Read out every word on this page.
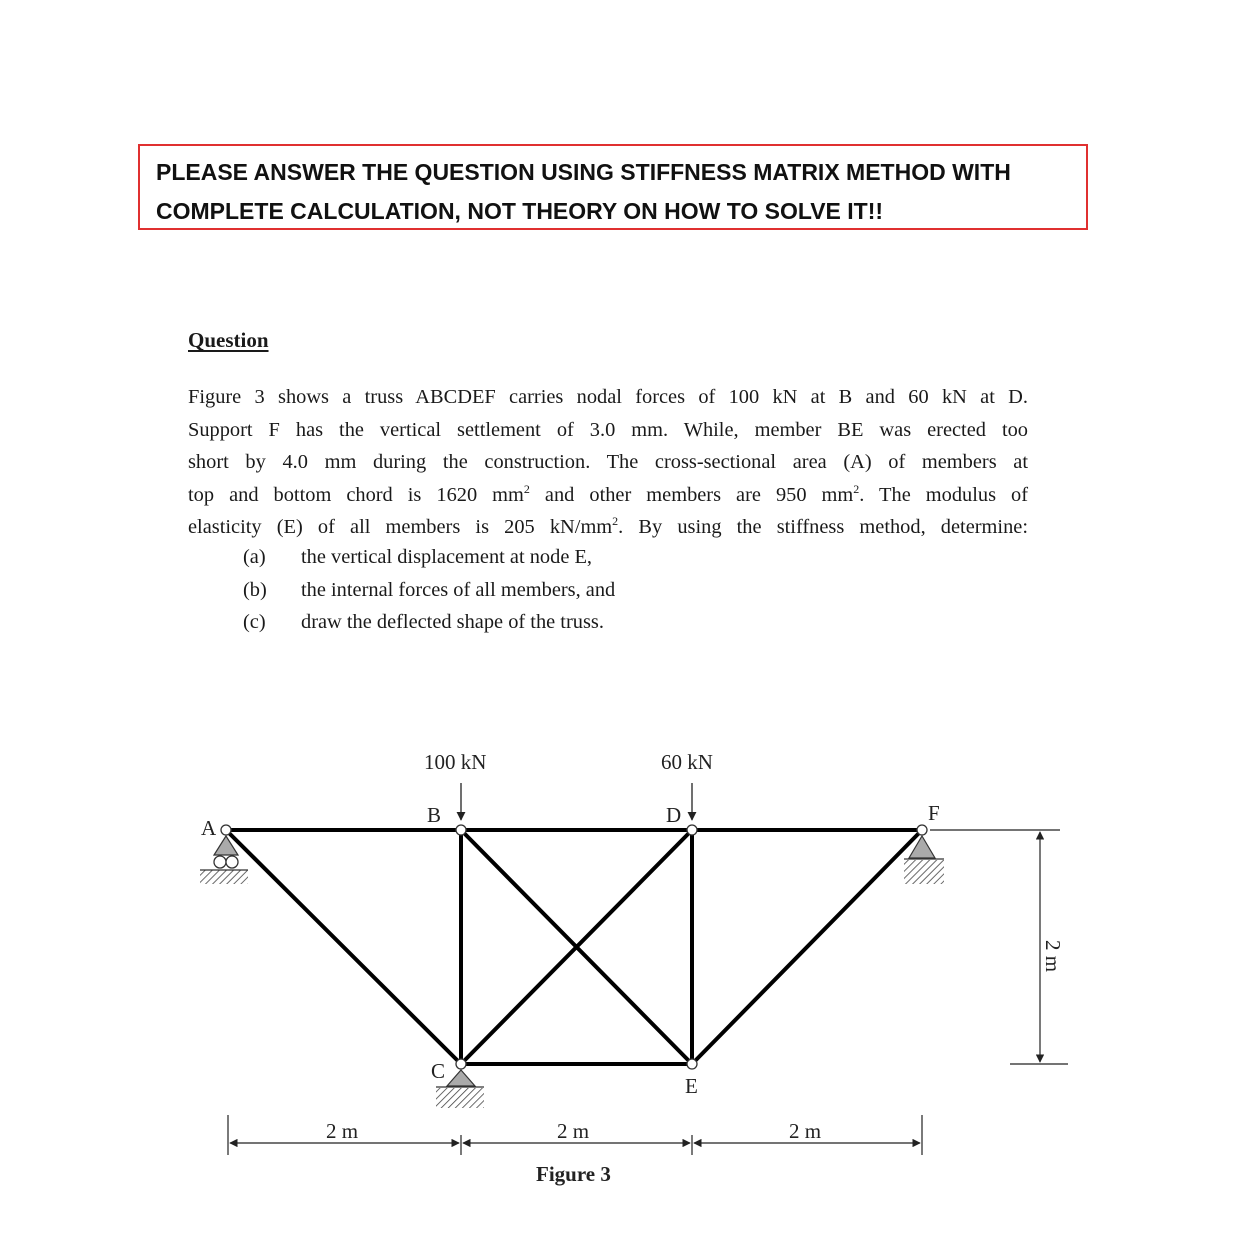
PLEASE ANSWER THE QUESTION USING STIFFNESS MATRIX METHOD WITH
COMPLETE CALCULATION, NOT THEORY ON HOW TO SOLVE IT!!
Question
Figure 3 shows a truss ABCDEF carries nodal forces of 100 kN at B and 60 kN at D.
Support F has the vertical settlement of 3.0 mm. While, member BE was erected too
short by 4.0 mm during the construction. The cross-sectional area (A) of members at
top and bottom chord is 1620 $mm^2$ and other members are 950 $mm^2$. The modulus of
elasticity (E) of all members is 205 $kN/mm^2$. By using the stiffness method, determine:
(a) the vertical displacement at node E,
(b) the internal forces of all members, and
(c) draw the deflected shape of the truss.
A
B
C
D
E
F
100 kN	60 kN
2 m	2 m	2 m
2 m
Figure 3
